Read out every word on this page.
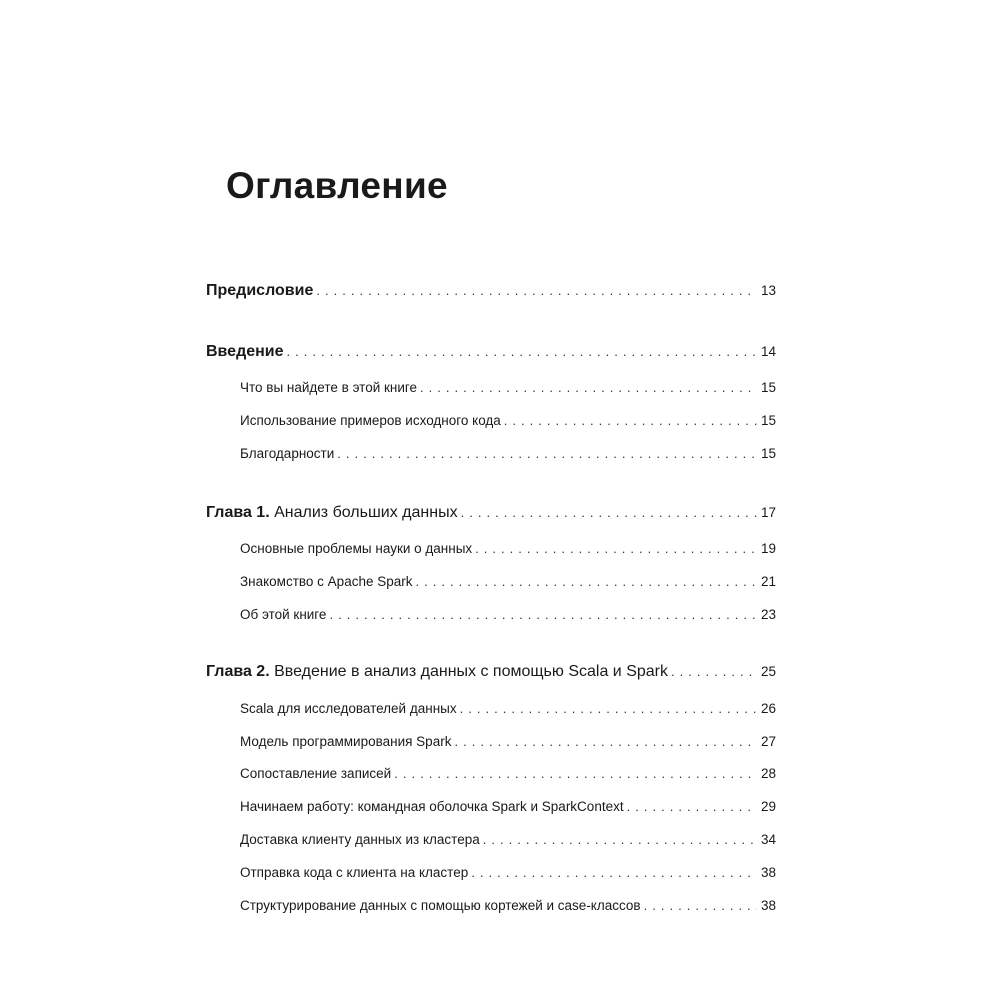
Оглавление
Предисловие . . .	13
Введение . . .	14
Что вы найдете в этой книге . . .	15
Использование примеров исходного кода . . .	15
Благодарности . . .	15
Глава 1. Анализ больших данных . . .	17
Основные проблемы науки о данных . . .	19
Знакомство с Apache Spark . . .	21
Об этой книге . . .	23
Глава 2. Введение в анализ данных с помощью Scala и Spark . . .	25
Scala для исследователей данных . . .	26
Модель программирования Spark . . .	27
Сопоставление записей . . .	28
Начинаем работу: командная оболочка Spark и SparkContext . . .	29
Доставка клиенту данных из кластера . . .	34
Отправка кода с клиента на кластер . . .	38
Структурирование данных с помощью кортежей и case-классов . . .	38
